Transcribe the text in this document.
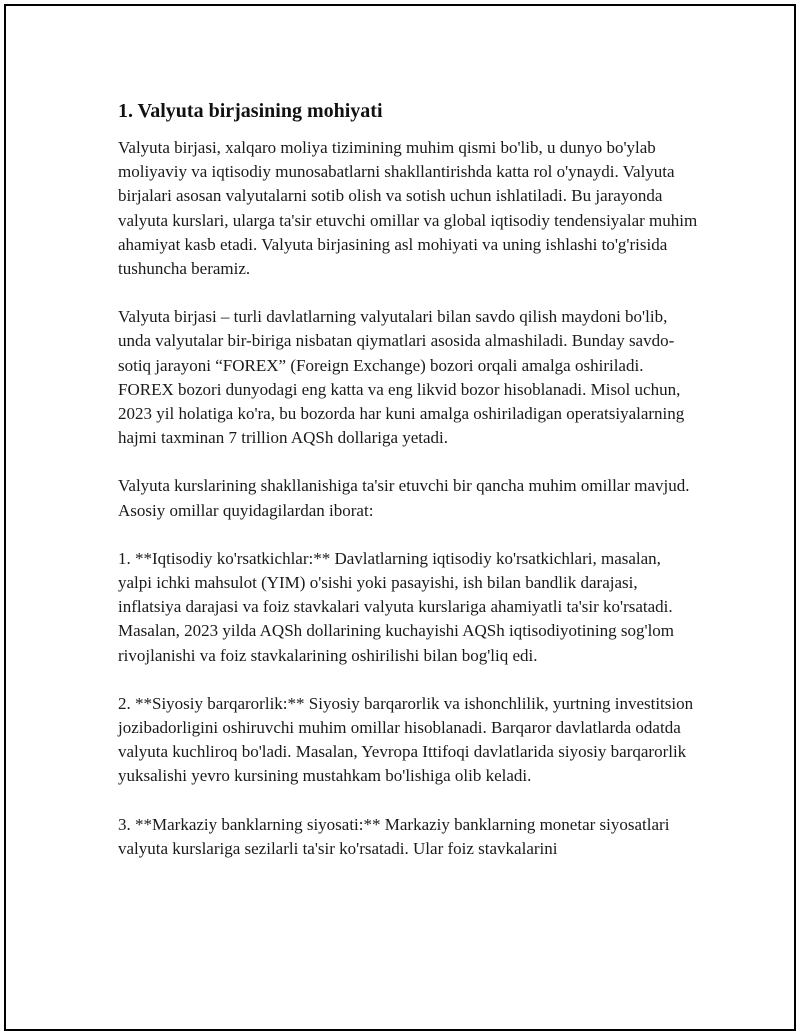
1. Valyuta birjasining mohiyati

Valyuta birjasi, xalqaro moliya tizimining muhim qismi bo'lib, u dunyo bo'ylab moliyaviy va iqtisodiy munosabatlarni shakllantirishda katta rol o'ynaydi. Valyuta birjalari asosan valyutalarni sotib olish va sotish uchun ishlatiladi. Bu jarayonda valyuta kurslari, ularga ta'sir etuvchi omillar va global iqtisodiy tendensiyalar muhim ahamiyat kasb etadi. Valyuta birjasining asl mohiyati va uning ishlashi to'g'risida tushuncha beramiz.

Valyuta birjasi – turli davlatlarning valyutalari bilan savdo qilish maydoni bo'lib, unda valyutalar bir-biriga nisbatan qiymatlari asosida almashiladi. Bunday savdo-sotiq jarayoni “FOREX” (Foreign Exchange) bozori orqali amalga oshiriladi. FOREX bozori dunyodagi eng katta va eng likvid bozor hisoblanadi. Misol uchun, 2023 yil holatiga ko'ra, bu bozorda har kuni amalga oshiriladigan operatsiyalarning hajmi taxminan 7 trillion AQSh dollariga yetadi.

Valyuta kurslarining shakllanishiga ta'sir etuvchi bir qancha muhim omillar mavjud. Asosiy omillar quyidagilardan iborat:

1. **Iqtisodiy ko'rsatkichlar:** Davlatlarning iqtisodiy ko'rsatkichlari, masalan, yalpi ichki mahsulot (YIM) o'sishi yoki pasayishi, ish bilan bandlik darajasi, inflatsiya darajasi va foiz stavkalari valyuta kurslariga ahamiyatli ta'sir ko'rsatadi. Masalan, 2023 yilda AQSh dollarining kuchayishi AQSh iqtisodiyotining sog'lom rivojlanishi va foiz stavkalarining oshirilishi bilan bog'liq edi.

2. **Siyosiy barqarorlik:** Siyosiy barqarorlik va ishonchlilik, yurtning investitsion jozibadorligini oshiruvchi muhim omillar hisoblanadi. Barqaror davlatlarda odatda valyuta kuchliroq bo'ladi. Masalan, Yevropa Ittifoqi davlatlarida siyosiy barqarorlik yuksalishi yevro kursining mustahkam bo'lishiga olib keladi.

3. **Markaziy banklarning siyosati:** Markaziy banklarning monetar siyosatlari valyuta kurslariga sezilarli ta'sir ko'rsatadi. Ular foiz stavkalarini
